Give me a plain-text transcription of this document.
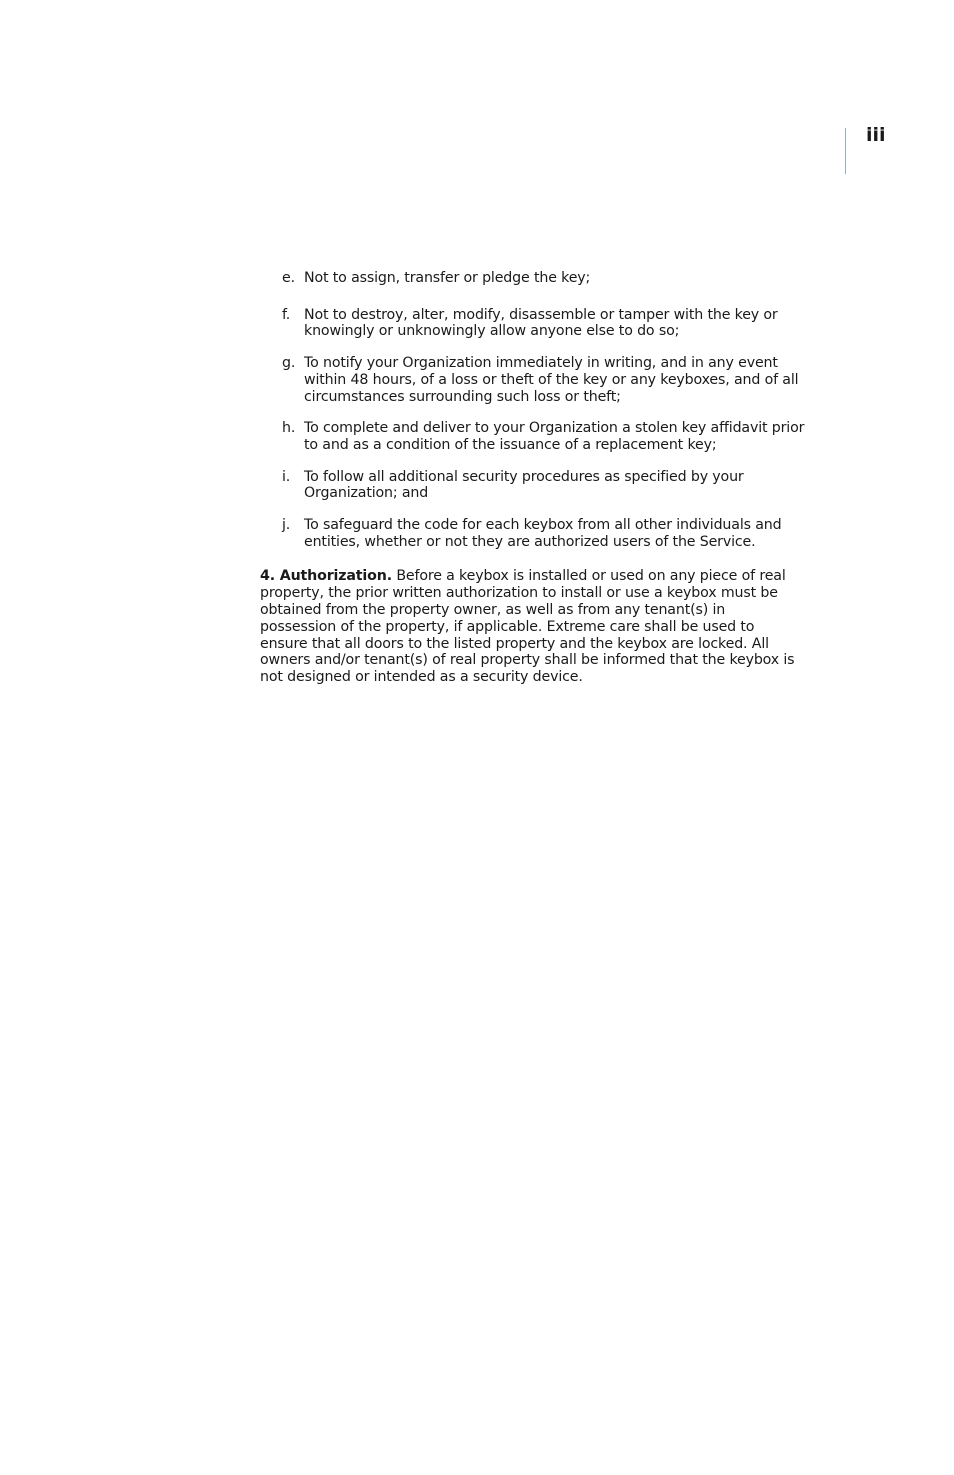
iii
e. Not to assign, transfer or pledge the key;
f. Not to destroy, alter, modify, disassemble or tamper with the key or knowingly or unknowingly allow anyone else to do so;
g. To notify your Organization immediately in writing, and in any event within 48 hours, of a loss or theft of the key or any keyboxes, and of all circumstances surrounding such loss or theft;
h. To complete and deliver to your Organization a stolen key affidavit prior to and as a condition of the issuance of a replacement key;
i. To follow all additional security procedures as specified by your Organization; and
j. To safeguard the code for each keybox from all other individuals and entities, whether or not they are authorized users of the Service.
4. Authorization. Before a keybox is installed or used on any piece of real property, the prior written authorization to install or use a keybox must be obtained from the property owner, as well as from any tenant(s) in possession of the property, if applicable. Extreme care shall be used to ensure that all doors to the listed property and the keybox are locked. All owners and/or tenant(s) of real property shall be informed that the keybox is not designed or intended as a security device.
